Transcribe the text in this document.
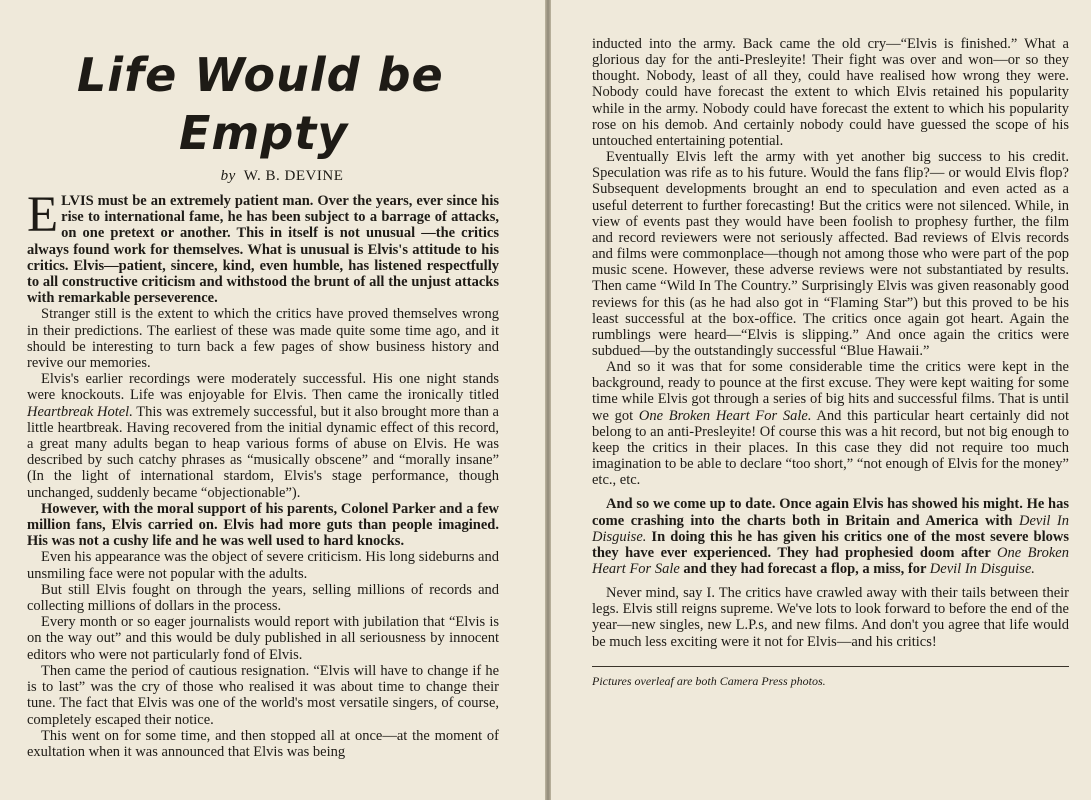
Life Would be
Empty
by W. B. DEVINE

ELVIS must be an extremely patient man. Over the years, ever since his rise to international fame, he has been subject to a barrage of attacks, on one pretext or another. This in itself is not unusual —the critics always found work for themselves. What is unusual is Elvis's attitude to his critics. Elvis—patient, sincere, kind, even humble, has listened respectfully to all constructive criticism and withstood the brunt of all the unjust attacks with remarkable perseverence.

Stranger still is the extent to which the critics have proved themselves wrong in their predictions. The earliest of these was made quite some time ago, and it should be interesting to turn back a few pages of show business history and revive our memories.

Elvis's earlier recordings were moderately successful. His one night stands were knockouts. Life was enjoyable for Elvis. Then came the ironically titled Heartbreak Hotel. This was extremely successful, but it also brought more than a little heartbreak. Having recovered from the initial dynamic effect of this record, a great many adults began to heap various forms of abuse on Elvis. He was described by such catchy phrases as “musically obscene” and “morally insane” (In the light of international stardom, Elvis's stage performance, though unchanged, suddenly became “objectionable”).

However, with the moral support of his parents, Colonel Parker and a few million fans, Elvis carried on. Elvis had more guts than people imagined. His was not a cushy life and he was well used to hard knocks.

Even his appearance was the object of severe criticism. His long sideburns and unsmiling face were not popular with the adults.

But still Elvis fought on through the years, selling millions of records and collecting millions of dollars in the process.

Every month or so eager journalists would report with jubilation that “Elvis is on the way out” and this would be duly published in all seriousness by innocent editors who were not particularly fond of Elvis.

Then came the period of cautious resignation. “Elvis will have to change if he is to last” was the cry of those who realised it was about time to change their tune. The fact that Elvis was one of the world's most versatile singers, of course, completely escaped their notice.

This went on for some time, and then stopped all at once—at the moment of exultation when it was announced that Elvis was being

inducted into the army. Back came the old cry—“Elvis is finished.” What a glorious day for the anti-Presleyite! Their fight was over and won—or so they thought. Nobody, least of all they, could have realised how wrong they were. Nobody could have forecast the extent to which Elvis retained his popularity while in the army. Nobody could have forecast the extent to which his popularity rose on his demob. And certainly nobody could have guessed the scope of his untouched entertaining potential.

Eventually Elvis left the army with yet another big success to his credit. Speculation was rife as to his future. Would the fans flip?— or would Elvis flop? Subsequent developments brought an end to speculation and even acted as a useful deterrent to further forecasting! But the critics were not silenced. While, in view of events past they would have been foolish to prophesy further, the film and record reviewers were not seriously affected. Bad reviews of Elvis records and films were commonplace—though not among those who were part of the pop music scene. However, these adverse reviews were not substantiated by results. Then came “Wild In The Country.” Surprisingly Elvis was given reasonably good reviews for this (as he had also got in “Flaming Star”) but this proved to be his least successful at the box-office. The critics once again got heart. Again the rumblings were heard—“Elvis is slipping.” And once again the critics were subdued—by the outstandingly successful “Blue Hawaii.”

And so it was that for some considerable time the critics were kept in the background, ready to pounce at the first excuse. They were kept waiting for some time while Elvis got through a series of big hits and successful films. That is until we got One Broken Heart For Sale. And this particular heart certainly did not belong to an anti-Presleyite! Of course this was a hit record, but not big enough to keep the critics in their places. In this case they did not require too much imagination to be able to declare “too short,” “not enough of Elvis for the money” etc., etc.

And so we come up to date. Once again Elvis has showed his might. He has come crashing into the charts both in Britain and America with Devil In Disguise. In doing this he has given his critics one of the most severe blows they have ever experienced. They had prophesied doom after One Broken Heart For Sale and they had forecast a flop, a miss, for Devil In Disguise.

Never mind, say I. The critics have crawled away with their tails between their legs. Elvis still reigns supreme. We've lots to look forward to before the end of the year—new singles, new L.P.s, and new films. And don't you agree that life would be much less exciting were it not for Elvis—and his critics!

Pictures overleaf are both Camera Press photos.
